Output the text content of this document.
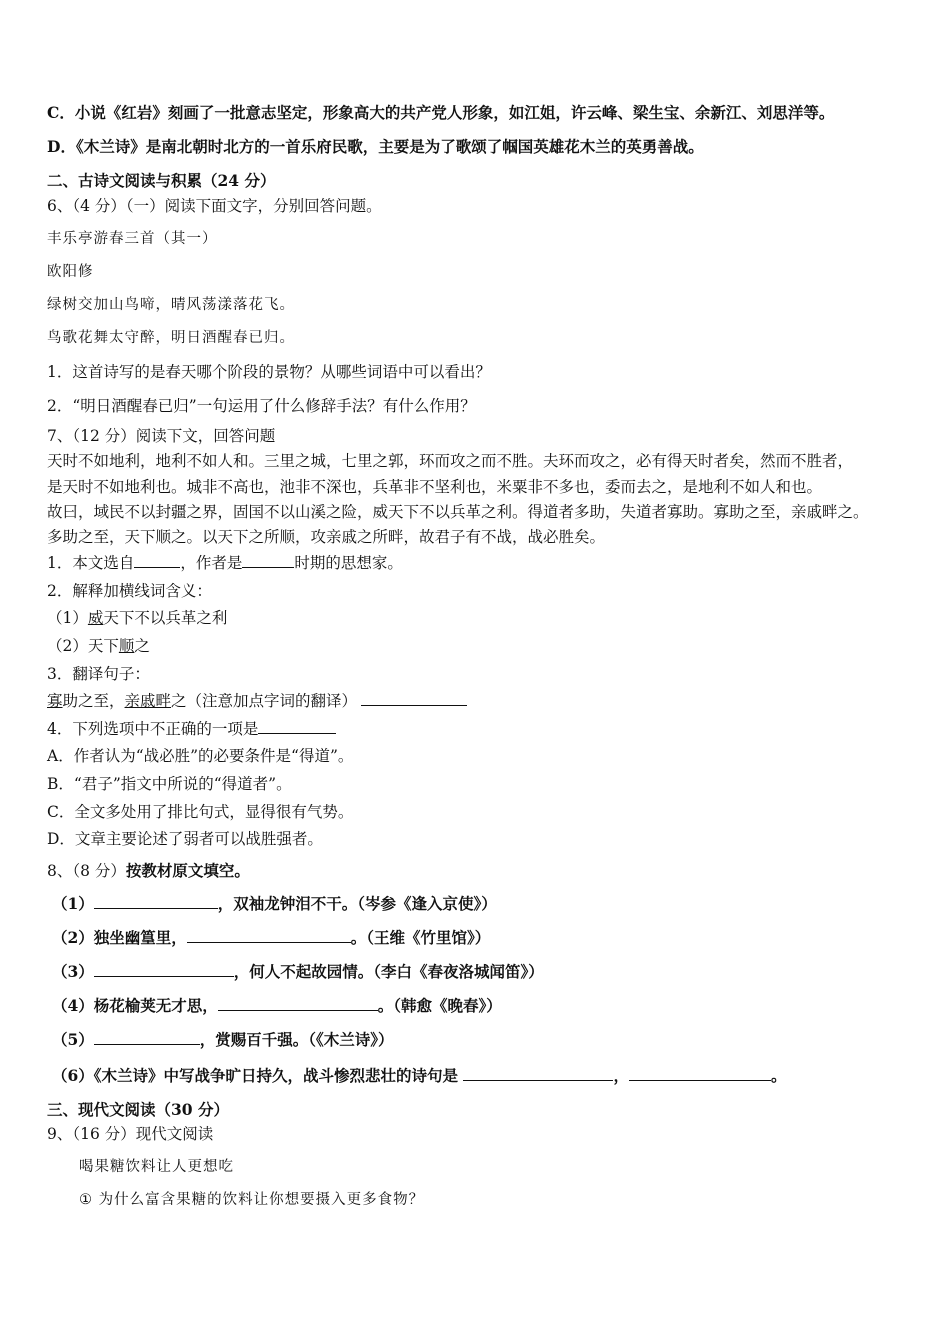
C．小说《红岩》刻画了一批意志坚定，形象高大的共产党人形象，如江姐，许云峰、梁生宝、余新江、刘思洋等。
D．《木兰诗》是南北朝时北方的一首乐府民歌，主要是为了歌颂了帼国英雄花木兰的英勇善战。
二、古诗文阅读与积累（24 分）
6、（4 分）（一）阅读下面文字，分别回答问题。
丰乐亭游春三首（其一）
欧阳修
绿树交加山鸟啼，晴风荡漾落花飞。
鸟歌花舞太守醉，明日酒醒春已归。
1．这首诗写的是春天哪个阶段的景物？从哪些词语中可以看出？
2．“明日酒醒春已归”一句运用了什么修辞手法？有什么作用？
7、（12 分）阅读下文，回答问题
天时不如地利，地利不如人和。三里之城，七里之郭，环而攻之而不胜。夫环而攻之，必有得天时者矣，然而不胜者，
是天时不如地利也。城非不高也，池非不深也，兵革非不坚利也，米粟非不多也，委而去之，是地利不如人和也。
故曰，域民不以封疆之界，固国不以山溪之险，威天下不以兵革之利。得道者多助，失道者寡助。寡助之至，亲戚畔之。
多助之至，天下顺之。以天下之所顺，攻亲戚之所畔，故君子有不战，战必胜矣。
1．本文选自	，作者是	时期的思想家。
2．解释加横线词含义：
（1）威天下不以兵革之利
（2）天下顺之
3．翻译句子：
寡助之至，亲戚畔之（注意加点字词的翻译）
4．下列选项中不正确的一项是
A．作者认为“战必胜”的必要条件是“得道”。
B．“君子”指文中所说的“得道者”。
C．全文多处用了排比句式，显得很有气势。
D．文章主要论述了弱者可以战胜强者。
8、（8 分）按教材原文填空。
（1）	，双袖龙钟泪不干。（岑参《逢入京使》）
（2）独坐幽篁里，	。（王维《竹里馆》）
（3）	，何人不起故园情。（李白《春夜洛城闻笛》）
（4）杨花榆荚无才思，	。（韩愈《晚春》）
（5）	，赏赐百千强。（《木兰诗》）
（6）《木兰诗》中写战争旷日持久，战斗惨烈悲壮的诗句是	，	。
三、现代文阅读（30 分）
9、（16 分）现代文阅读
喝果糖饮料让人更想吃
① 为什么富含果糖的饮料让你想要摄入更多食物？
